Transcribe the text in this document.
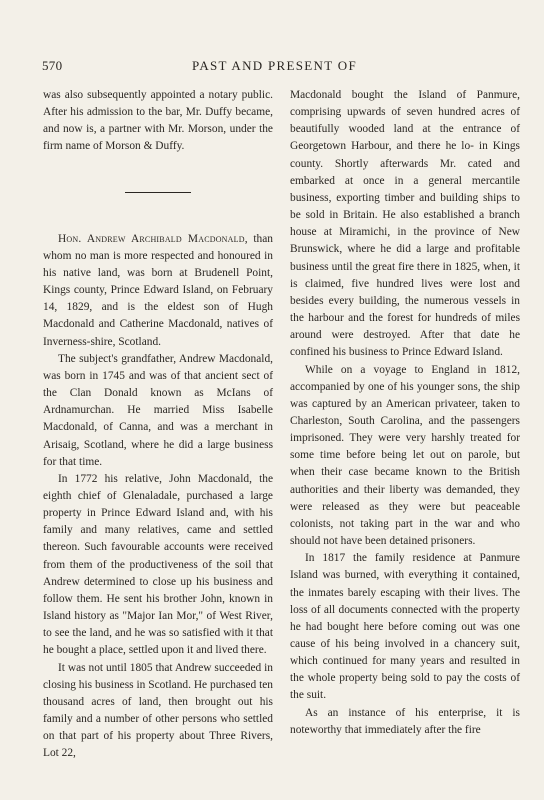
570	PAST AND PRESENT OF

was also subsequently appointed a notary public. After his admission to the bar, Mr. Duffy became, and now is, a partner with Mr. Morson, under the firm name of Morson & Duffy.

Hon. Andrew Archibald Macdonald, than whom no man is more respected and honoured in his native land, was born at Brudenell Point, Kings county, Prince Edward Island, on February 14, 1829, and is the eldest son of Hugh Macdonald and Catherine Macdonald, natives of Inverness-shire, Scotland.

The subject's grandfather, Andrew Macdonald, was born in 1745 and was of that ancient sect of the Clan Donald known as McIans of Ardnamurchan. He married Miss Isabelle Macdonald, of Canna, and was a merchant in Arisaig, Scotland, where he did a large business for that time.

In 1772 his relative, John Macdonald, the eighth chief of Glenaladale, purchased a large property in Prince Edward Island and, with his family and many relatives, came and settled thereon. Such favourable accounts were received from them of the productiveness of the soil that Andrew determined to close up his business and follow them. He sent his brother John, known in Island history as "Major Ian Mor," of West River, to see the land, and he was so satisfied with it that he bought a place, settled upon it and lived there.

It was not until 1805 that Andrew succeeded in closing his business in Scotland. He purchased ten thousand acres of land, then brought out his family and a number of other persons who settled on that part of his property about Three Rivers, Lot 22,

Macdonald bought the Island of Panmure, comprising upwards of seven hundred acres of beautifully wooded land at the entrance of Georgetown Harbour, and there he lo- in Kings county. Shortly afterwards Mr. cated and embarked at once in a general mercantile business, exporting timber and building ships to be sold in Britain. He also established a branch house at Miramichi, in the province of New Brunswick, where he did a large and profitable business until the great fire there in 1825, when, it is claimed, five hundred lives were lost and besides every building, the numerous vessels in the harbour and the forest for hundreds of miles around were destroyed. After that date he confined his business to Prince Edward Island.

While on a voyage to England in 1812, accompanied by one of his younger sons, the ship was captured by an American privateer, taken to Charleston, South Carolina, and the passengers imprisoned. They were very harshly treated for some time before being let out on parole, but when their case became known to the British authorities and their liberty was demanded, they were released as they were but peaceable colonists, not taking part in the war and who should not have been detained prisoners.

In 1817 the family residence at Panmure Island was burned, with everything it contained, the inmates barely escaping with their lives. The loss of all documents connected with the property he had bought here before coming out was one cause of his being involved in a chancery suit, which continued for many years and resulted in the whole property being sold to pay the costs of the suit.

As an instance of his enterprise, it is noteworthy that immediately after the fire
